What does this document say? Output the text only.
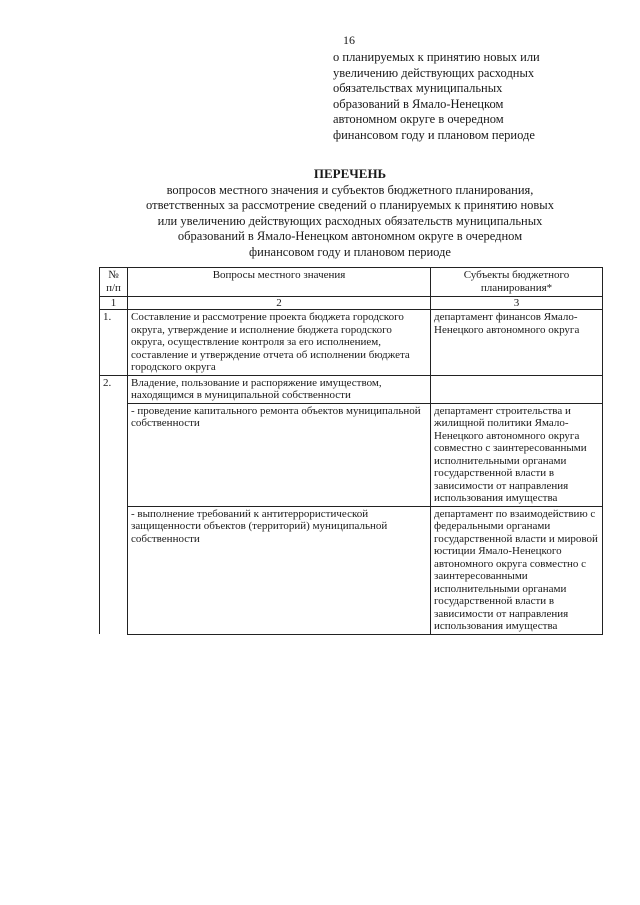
16
о планируемых к принятию новых или
увеличению действующих расходных
обязательствах муниципальных
образований в Ямало-Ненецком
автономном округе в очередном
финансовом году и плановом периоде
ПЕРЕЧЕНЬ
вопросов местного значения и субъектов бюджетного планирования,
ответственных за рассмотрение сведений о планируемых к принятию новых
или увеличению действующих расходных обязательств муниципальных
образований в Ямало-Ненецком автономном округе в очередном
финансовом году и плановом периоде
№ п/п	Вопросы местного значения	Субъекты бюджетного планирования*
1	2	3
1.	Составление и рассмотрение проекта бюджета городского округа, утверждение и исполнение бюджета городского округа, осуществление контроля за его исполнением, составление и утверждение отчета об исполнении бюджета городского округа	департамент финансов Ямало-Ненецкого автономного округа
2.	Владение, пользование и распоряжение имуществом, находящимся в муниципальной собственности	
	- проведение капитального ремонта объектов муниципальной собственности	департамент строительства и жилищной политики Ямало-Ненецкого автономного округа совместно с заинтересованными исполнительными органами государственной власти в зависимости от направления использования имущества
	- выполнение требований к антитеррористической защищенности объектов (территорий) муниципальной собственности	департамент по взаимодействию с федеральными органами государственной власти и мировой юстиции Ямало-Ненецкого автономного округа совместно с заинтересованными исполнительными органами государственной власти в зависимости от направления использования имущества
